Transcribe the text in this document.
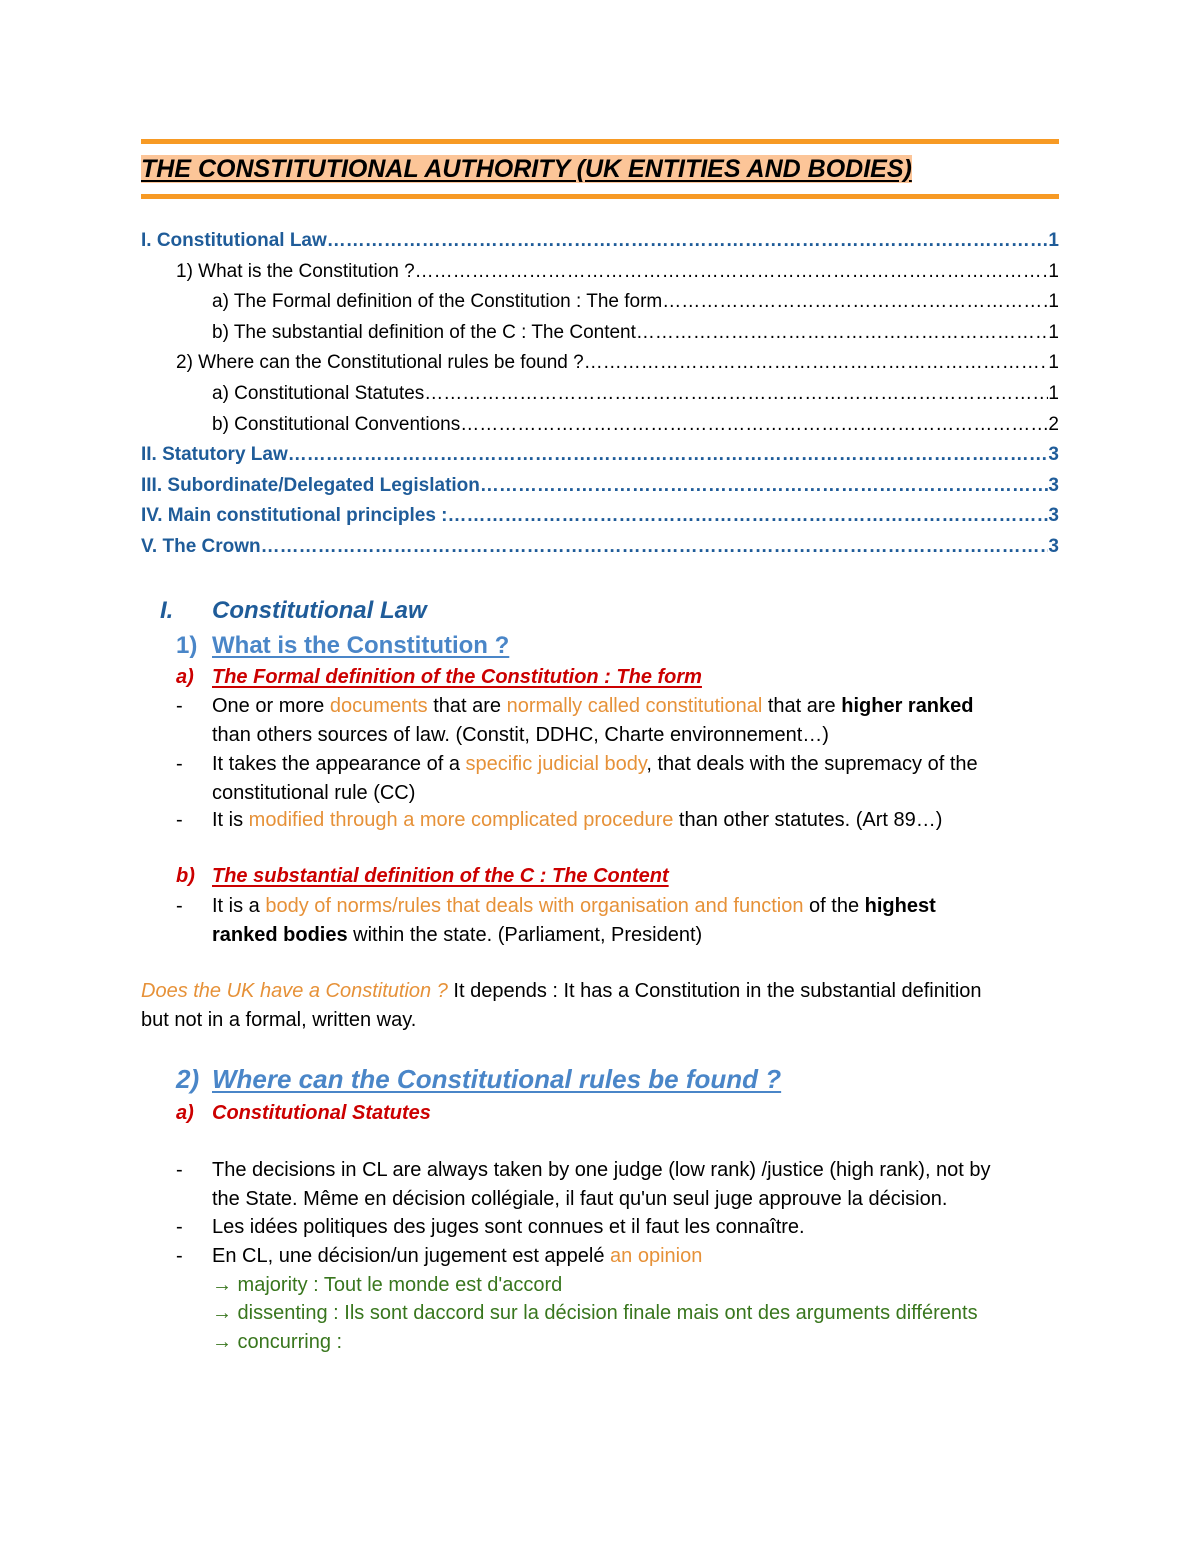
THE CONSTITUTIONAL AUTHORITY (UK ENTITIES AND BODIES)
I. Constitutional Law ……………………………………………………………………………………………………………………………………………………………………………………………………………………	1
1) What is the Constitution ? ……………………………………………………………………………………………………………………………………………………………………………………………………………………	1
a) The Formal definition of the Constitution : The form ……………………………………………………………………………………………………………………………………………………………………………………………………………………	1
b) The substantial definition of the C : The Content ……………………………………………………………………………………………………………………………………………………………………………………………………………………	1
2) Where can the Constitutional rules be found ? ……………………………………………………………………………………………………………………………………………………………………………………………………………………	1
a) Constitutional Statutes ……………………………………………………………………………………………………………………………………………………………………………………………………………………	1
b) Constitutional Conventions ……………………………………………………………………………………………………………………………………………………………………………………………………………………	2
II. Statutory Law ……………………………………………………………………………………………………………………………………………………………………………………………………………………	3
III. Subordinate/Delegated Legislation ……………………………………………………………………………………………………………………………………………………………………………………………………………………	3
IV. Main constitutional principles : ……………………………………………………………………………………………………………………………………………………………………………………………………………………	3
V. The Crown ……………………………………………………………………………………………………………………………………………………………………………………………………………………	3
I. Constitutional Law
1) What is the Constitution ?
a) The Formal definition of the Constitution : The form
- One or more documents that are normally called constitutional that are higher ranked
than others sources of law. (Constit, DDHC, Charte environnement…)
- It takes the appearance of a specific judicial body, that deals with the supremacy of the
constitutional rule (CC)
- It is modified through a more complicated procedure than other statutes. (Art 89…)
b) The substantial definition of the C : The Content
- It is a body of norms/rules that deals with organisation and function of the highest
ranked bodies within the state. (Parliament, President)
Does the UK have a Constitution ? It depends : It has a Constitution in the substantial definition
but not in a formal, written way.
2) Where can the Constitutional rules be found ?
a) Constitutional Statutes
- The decisions in CL are always taken by one judge (low rank) /justice (high rank), not by
the State. Même en décision collégiale, il faut qu'un seul juge approuve la décision.
- Les idées politiques des juges sont connues et il faut les connaître.
- En CL, une décision/un jugement est appelé an opinion
→ majority : Tout le monde est d'accord
→ dissenting : Ils sont daccord sur la décision finale mais ont des arguments différents
→ concurring :
